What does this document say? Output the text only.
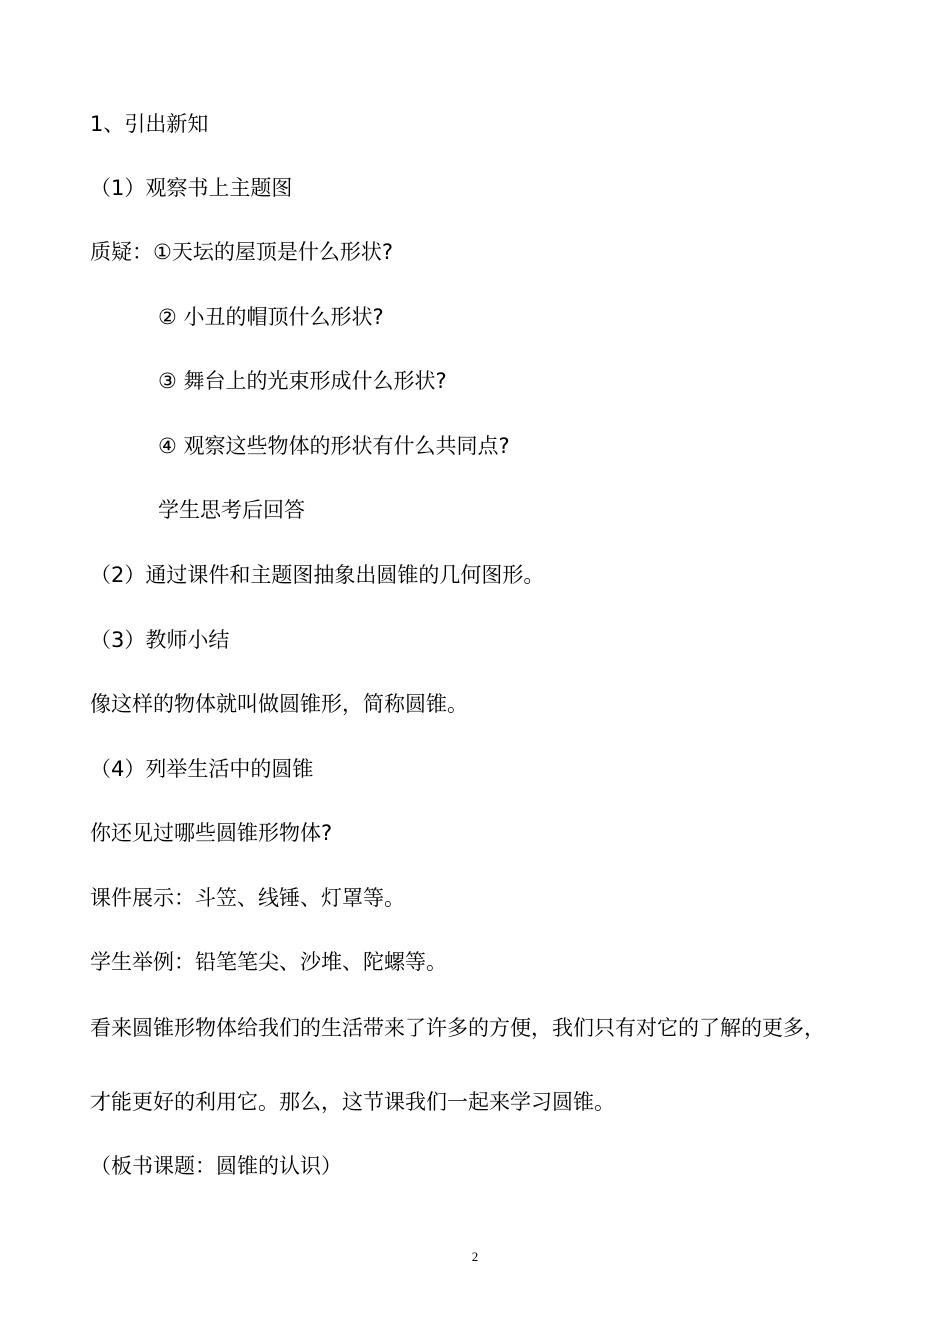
1、引出新知
（1）观察书上主题图
质疑：①天坛的屋顶是什么形状?
② 小丑的帽顶什么形状?
③ 舞台上的光束形成什么形状?
④ 观察这些物体的形状有什么共同点?
学生思考后回答
（2）通过课件和主题图抽象出圆锥的几何图形。
（3）教师小结
像这样的物体就叫做圆锥形，简称圆锥。
（4）列举生活中的圆锥
你还见过哪些圆锥形物体?
课件展示：斗笠、线锤、灯罩等。
学生举例：铅笔笔尖、沙堆、陀螺等。
看来圆锥形物体给我们的生活带来了许多的方便，我们只有对它的了解的更多，
才能更好的利用它。那么，这节课我们一起来学习圆锥。
（板书课题：圆锥的认识）
2
